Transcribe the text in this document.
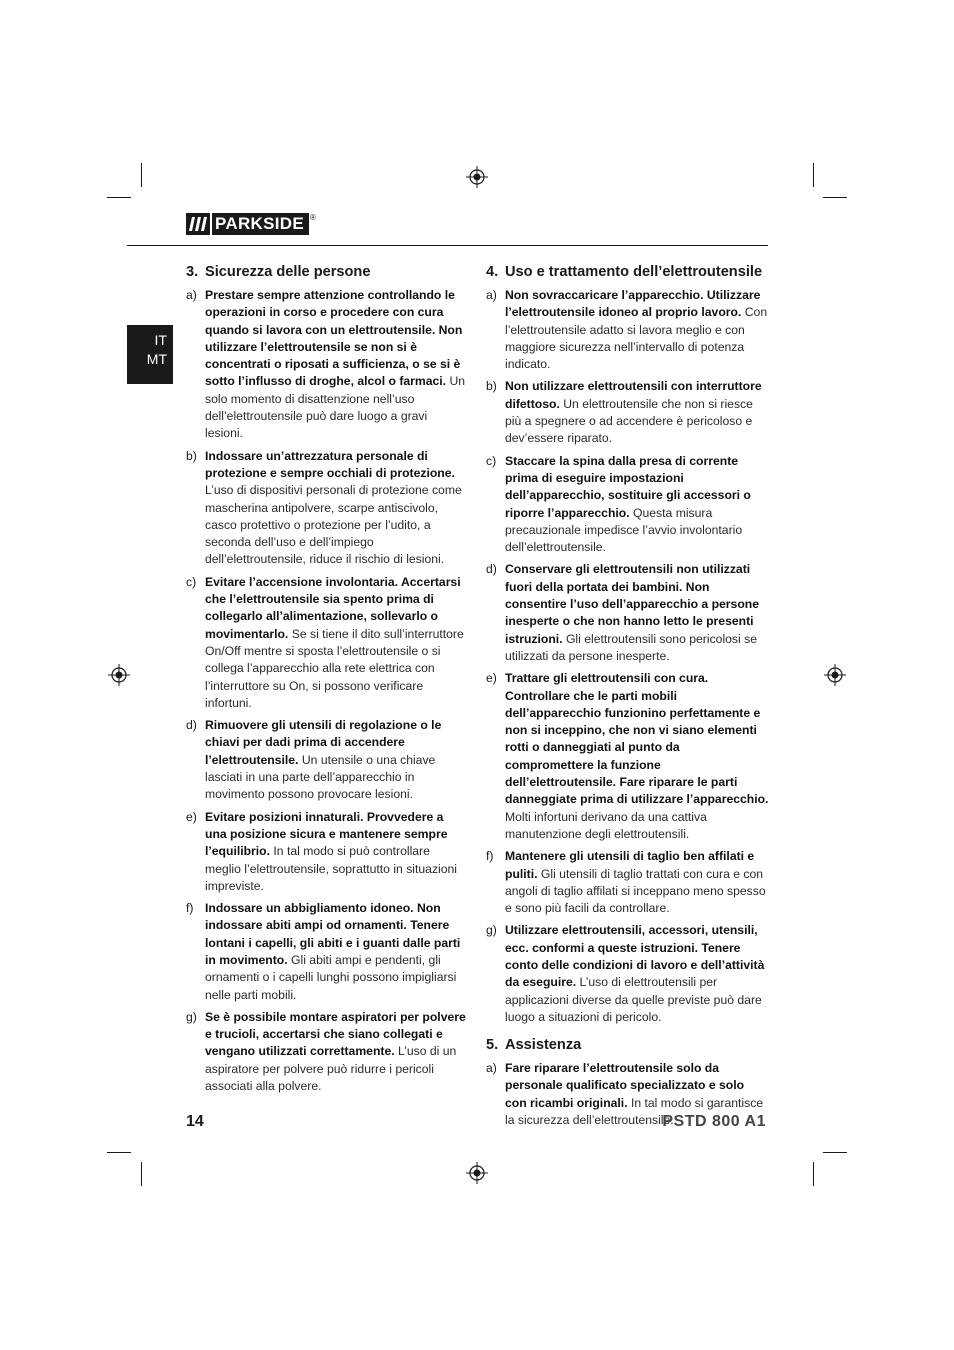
PARKSIDE ®
IT
MT
3. Sicurezza delle persone
a) Prestare sempre attenzione controllando le operazioni in corso e procedere con cura quando si lavora con un elettroutensile. Non utilizzare l’elettroutensile se non si è concentrati o riposati a sufficienza, o se si è sotto l’influsso di droghe, alcol o farmaci. Un solo momento di disattenzione nell’uso dell’elettroutensile può dare luogo a gravi lesioni.
b) Indossare un’attrezzatura personale di protezione e sempre occhiali di protezione. L’uso di dispositivi personali di protezione come mascherina antipolvere, scarpe antiscivolo, casco protettivo o protezione per l’udito, a seconda dell’uso e dell’impiego dell’elettroutensile, riduce il rischio di lesioni.
c) Evitare l’accensione involontaria. Accertarsi che l’elettroutensile sia spento prima di collegarlo all’alimentazione, sollevarlo o movimentarlo. Se si tiene il dito sull’interruttore On/Off mentre si sposta l’elettroutensile o si collega l’apparecchio alla rete elettrica con l’interruttore su On, si possono verificare infortuni.
d) Rimuovere gli utensili di regolazione o le chiavi per dadi prima di accendere l’elettroutensile. Un utensile o una chiave lasciati in una parte dell’apparecchio in movimento possono provocare lesioni.
e) Evitare posizioni innaturali. Provvedere a una posizione sicura e mantenere sempre l’equilibrio. In tal modo si può controllare meglio l’elettroutensile, soprattutto in situazioni impreviste.
f) Indossare un abbigliamento idoneo. Non indossare abiti ampi od ornamenti. Tenere lontani i capelli, gli abiti e i guanti dalle parti in movimento. Gli abiti ampi e pendenti, gli ornamenti o i capelli lunghi possono impigliarsi nelle parti mobili.
g) Se è possibile montare aspiratori per polvere e trucioli, accertarsi che siano collegati e vengano utilizzati correttamente. L’uso di un aspiratore per polvere può ridurre i pericoli associati alla polvere.
4. Uso e trattamento dell’elettroutensile
a) Non sovraccaricare l’apparecchio. Utilizzare l’elettroutensile idoneo al proprio lavoro. Con l’elettroutensile adatto si lavora meglio e con maggiore sicurezza nell’intervallo di potenza indicato.
b) Non utilizzare elettroutensili con interruttore difettoso. Un elettroutensile che non si riesce più a spegnere o ad accendere è pericoloso e dev’essere riparato.
c) Staccare la spina dalla presa di corrente prima di eseguire impostazioni dell’apparecchio, sostituire gli accessori o riporre l’apparecchio. Questa misura precauzionale impedisce l’avvio involontario dell’elettroutensile.
d) Conservare gli elettroutensili non utilizzati fuori della portata dei bambini. Non consentire l’uso dell’apparecchio a persone inesperte o che non hanno letto le presenti istruzioni. Gli elettroutensili sono pericolosi se utilizzati da persone inesperte.
e) Trattare gli elettroutensili con cura. Controllare che le parti mobili dell’apparecchio funzionino perfettamente e non si inceppino, che non vi siano elementi rotti o danneggiati al punto da compromettere la funzione dell’elettroutensile. Fare riparare le parti danneggiate prima di utilizzare l’apparecchio. Molti infortuni derivano da una cattiva manutenzione degli elettroutensili.
f) Mantenere gli utensili di taglio ben affilati e puliti. Gli utensili di taglio trattati con cura e con angoli di taglio affilati si inceppano meno spesso e sono più facili da controllare.
g) Utilizzare elettroutensili, accessori, utensili, ecc. conformi a queste istruzioni. Tenere conto delle condizioni di lavoro e dell’attività da eseguire. L’uso di elettroutensili per applicazioni diverse da quelle previste può dare luogo a situazioni di pericolo.
5. Assistenza
a) Fare riparare l’elettroutensile solo da personale qualificato specializzato e solo con ricambi originali. In tal modo si garantisce la sicurezza dell’elettroutensile.
14	PSTD 800 A1
